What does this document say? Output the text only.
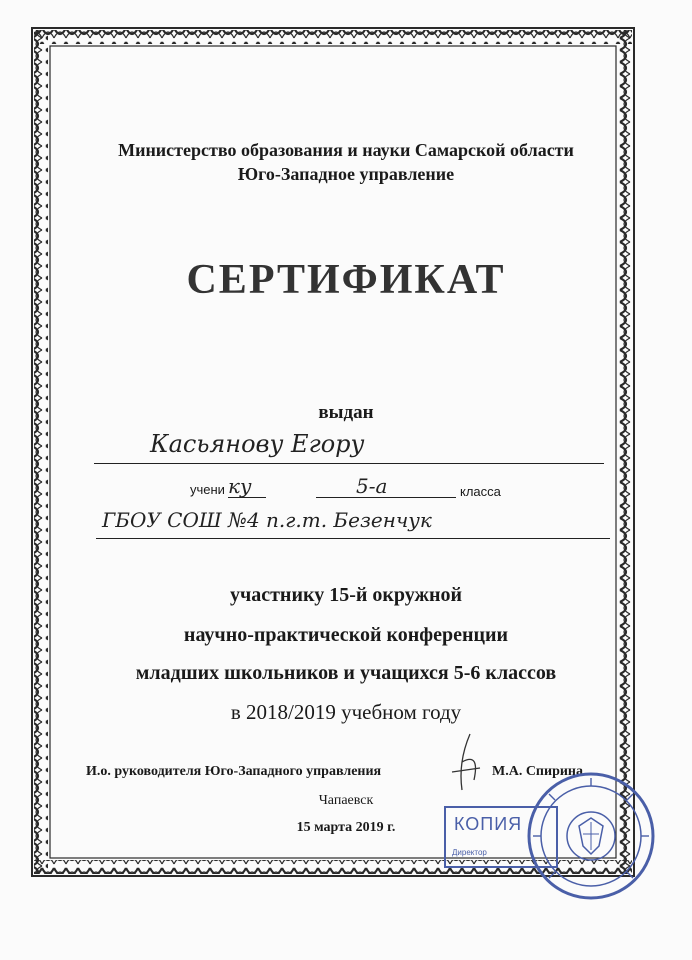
Министерство образования и науки Самарской области
Юго-Западное управление
СЕРТИФИКАТ
выдан
Касьянову Егору
учени ку	5-а	класса
ГБОУ СОШ №4 п.г.т. Безенчук
участнику 15-й окружной
научно-практической конференции
младших школьников и учащихся 5-6 классов
в 2018/2019 учебном году
И.о. руководителя Юго-Западного управления	М.А. Спирина
Чапаевск
15 марта 2019 г.	КОПИЯ
Директор
